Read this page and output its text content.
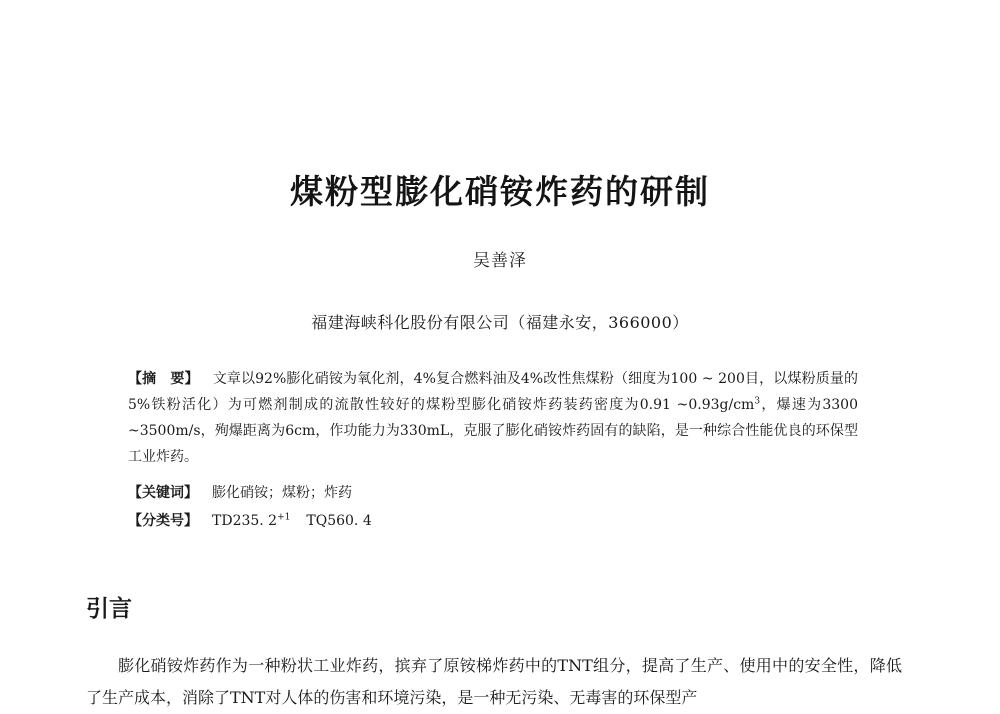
煤粉型膨化硝铵炸药的研制
吴善泽
福建海峡科化股份有限公司（福建永安，366000）
【摘　要】 文章以92%膨化硝铵为氧化剂，4%复合燃料油及4%改性焦煤粉（细度为100 ~ 200目，以煤粉质量的5%铁粉活化）为可燃剂制成的流散性较好的煤粉型膨化硝铵炸药装药密度为0.91 $\sim 0.93g/cm^3$，爆速为3300 ~3500m/s，殉爆距离为6cm，作功能力为330mL，克服了膨化硝铵炸药固有的缺陷，是一种综合性能优良的环保型工业炸药。
【关键词】 膨化硝铵；煤粉；炸药
【分类号】 TD235. $2^{+1}$ TQ560. 4
引言
膨化硝铵炸药作为一种粉状工业炸药，摈弃了原铵梯炸药中的TNT组分，提高了生产、使用中的安全性，降低了生产成本，消除了TNT对人体的伤害和环境污染，是一种无污染、无毒害的环保型产
